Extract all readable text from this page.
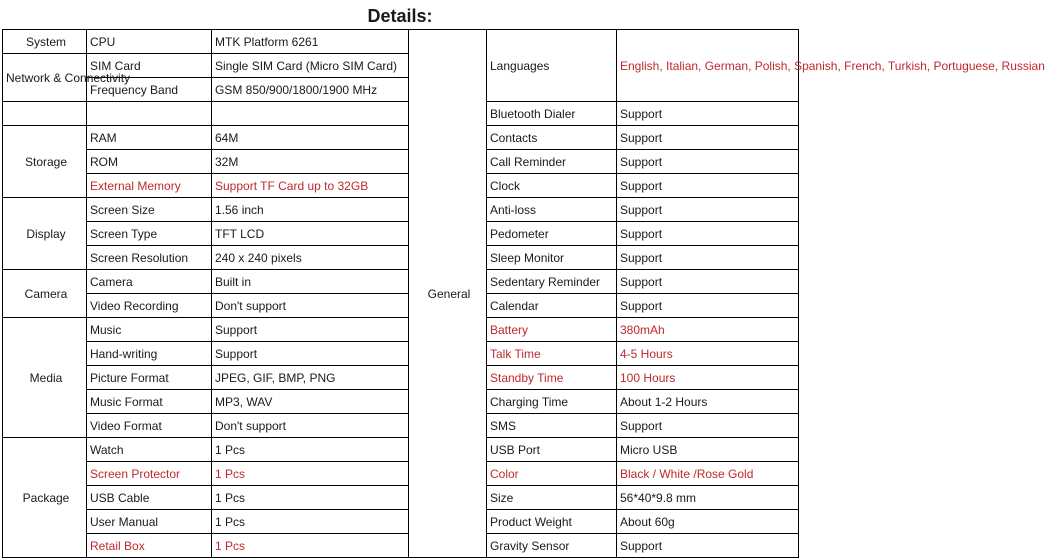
Details:
System	CPU	MTK Platform 6261	General	Languages	English, Italian, German, Polish, Spanish, French, Turkish, Portuguese, Russian
Network & Connectivity	SIM Card	Single SIM Card (Micro SIM Card)			
	Frequency Band	GSM 850/900/1800/1900 MHz			
				Bluetooth Dialer	Support
Storage	RAM	64M		Contacts	Support
	ROM	32M		Call Reminder	Support
	External Memory	Support TF Card up to 32GB		Clock	Support
Display	Screen Size	1.56 inch		Anti-loss	Support
	Screen Type	TFT LCD		Pedometer	Support
	Screen Resolution	240 x 240 pixels		Sleep Monitor	Support
Camera	Camera	Built in		Sedentary Reminder	Support
	Video Recording	Don't support		Calendar	Support
Media	Music	Support		Battery	380mAh
	Hand-writing	Support		Talk Time	4-5 Hours
	Picture Format	JPEG, GIF, BMP, PNG		Standby Time	100 Hours
	Music Format	MP3, WAV		Charging Time	About 1-2 Hours
	Video Format	Don't support		SMS	Support
Package	Watch	1 Pcs		USB Port	Micro USB
	Screen Protector	1 Pcs		Color	Black / White /Rose Gold
	USB Cable	1 Pcs		Size	56*40*9.8 mm
	User Manual	1 Pcs		Product Weight	About 60g
	Retail Box	1 Pcs		Gravity Sensor	Support
